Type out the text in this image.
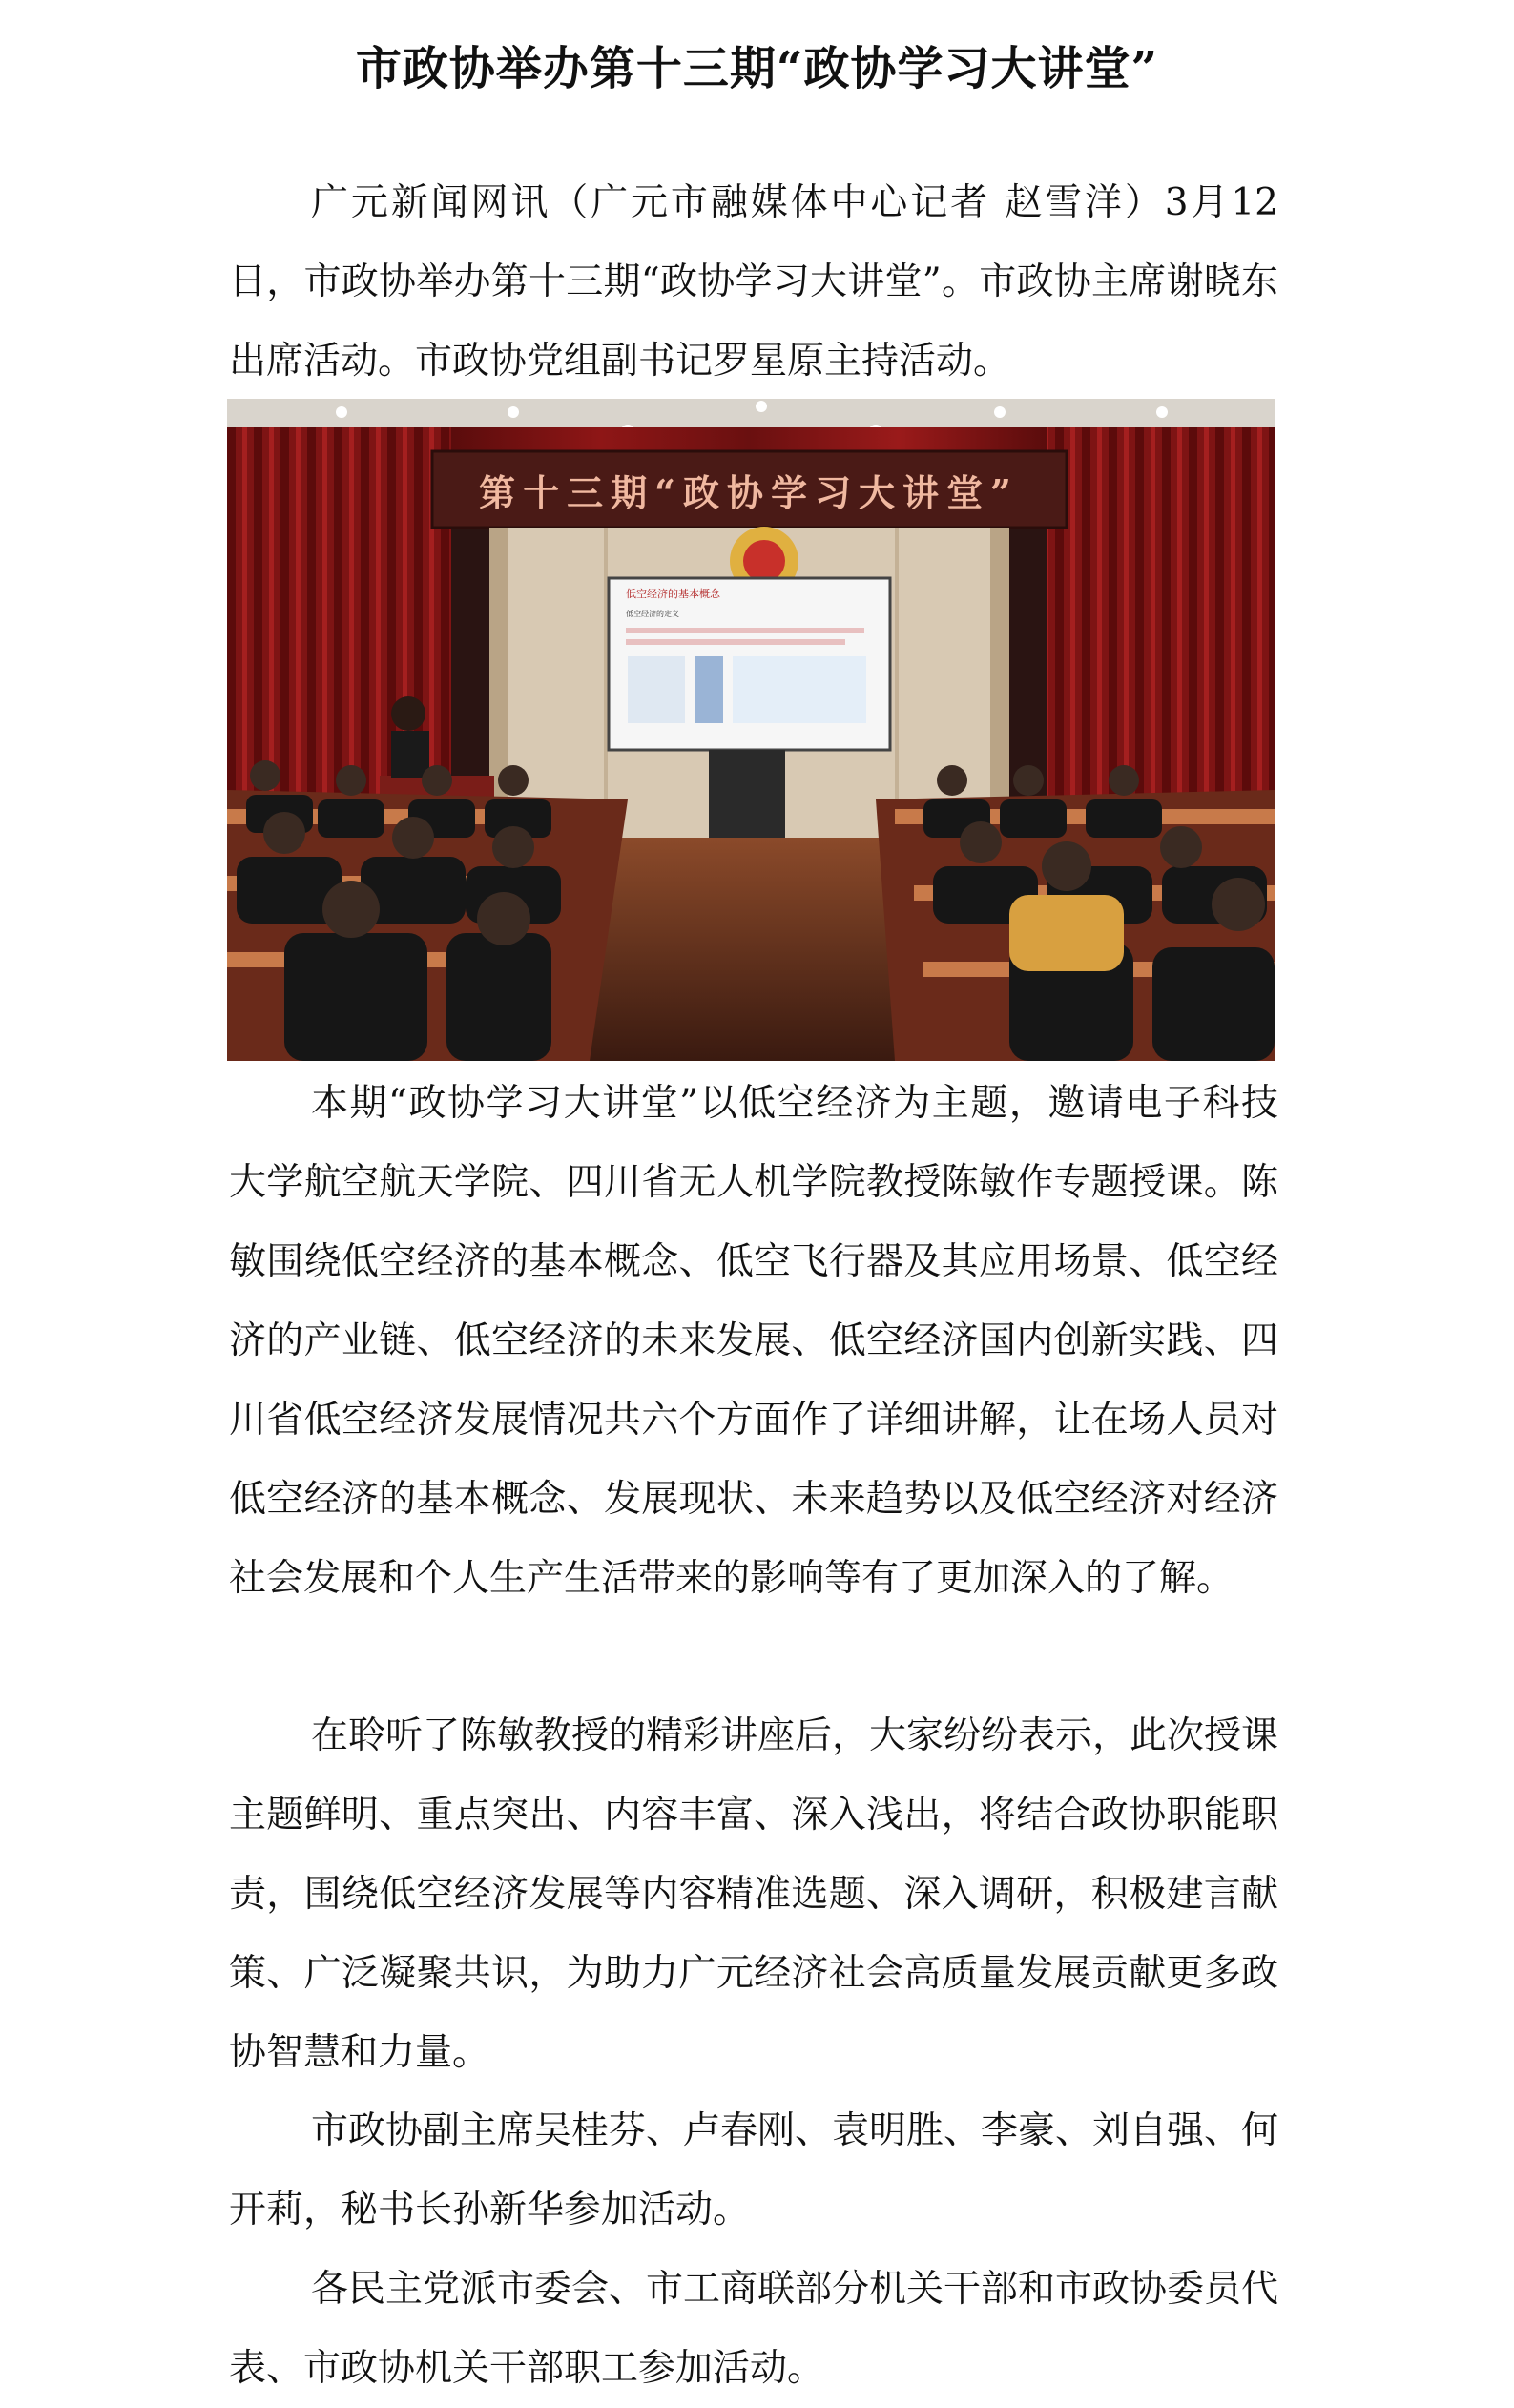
市政协举办第十三期“政协学习大讲堂”

广元新闻网讯（广元市融媒体中心记者 赵雪洋）3月12日，市政协举办第十三期“政协学习大讲堂”。市政协主席谢晓东出席活动。市政协党组副书记罗星原主持活动。

第十三期“政协学习大讲堂”
低空经济的基本概念
低空经济的定义

本期“政协学习大讲堂”以低空经济为主题，邀请电子科技大学航空航天学院、四川省无人机学院教授陈敏作专题授课。陈敏围绕低空经济的基本概念、低空飞行器及其应用场景、低空经济的产业链、低空经济的未来发展、低空经济国内创新实践、四川省低空经济发展情况共六个方面作了详细讲解，让在场人员对低空经济的基本概念、发展现状、未来趋势以及低空经济对经济社会发展和个人生产生活带来的影响等有了更加深入的了解。

在聆听了陈敏教授的精彩讲座后，大家纷纷表示，此次授课主题鲜明、重点突出、内容丰富、深入浅出，将结合政协职能职责，围绕低空经济发展等内容精准选题、深入调研，积极建言献策、广泛凝聚共识，为助力广元经济社会高质量发展贡献更多政协智慧和力量。

市政协副主席吴桂芬、卢春刚、袁明胜、李豪、刘自强、何开莉，秘书长孙新华参加活动。

各民主党派市委会、市工商联部分机关干部和市政协委员代表、市政协机关干部职工参加活动。
